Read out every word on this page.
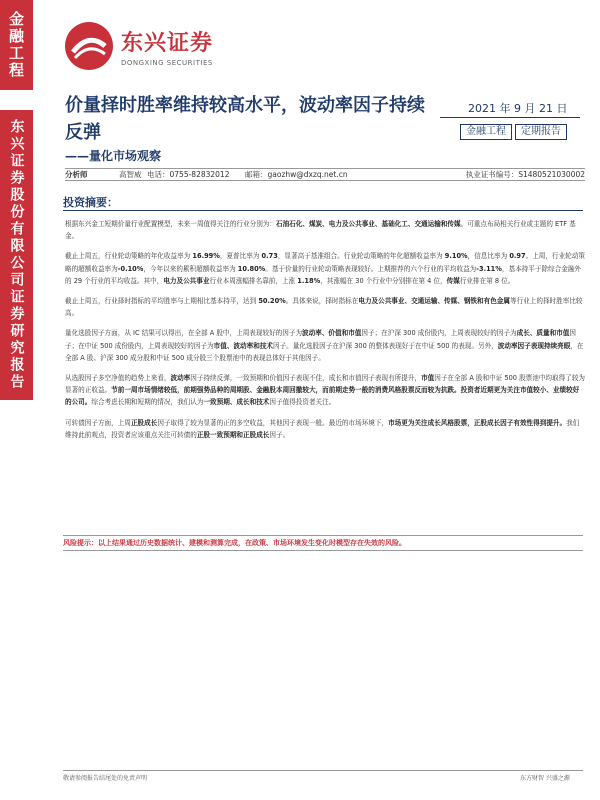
金融工程
东兴证券股份有限公司证券研究报告
东兴证券
DONGXING SECURITIES
价量择时胜率维持较高水平，波动率因子持续反弹
——量化市场观察
2021 年 9 月 21 日
金融工程	定期报告
分析师	高智威 电话：0755-82832012	邮箱：gaozhw@dxzq.net.cn	执业证书编号：S1480521030002
投资摘要：

根据东兴金工短期价量行业配置模型，未来一周值得关注的行业分别为：石油石化、煤炭、电力及公共事业、基础化工、交通运输和传媒。可重点布局相关行业或主题的 ETF 基金。

截止上周五，行业轮动策略的年化收益率为 16.99%，夏普比率为 0.73，显著高于基准组合。行业轮动策略的年化超额收益率为 9.10%，信息比率为 0.97。上周，行业轮动策略的超额收益率为-0.10%，今年以来的累积超额收益率为 10.80%。基于价量的行业轮动策略表现较好。上期推荐的六个行业的平均收益为-3.11%，基本持平于除综合金融外的 29 个行业的平均收益。其中，电力及公共事业行业本周涨幅排名靠前，上涨 1.18%，其涨幅在 30 个行业中分别排在第 4 位，传媒行业排在第 8 位。

截止上周五，行业择时指标的平均胜率与上期相比基本持平，达到 50.20%。具体来说，择时指标在电力及公共事业、交通运输、传媒、钢铁和有色金属等行业上的择时胜率比较高。

量化选股因子方面，从 IC 结果可以得出，在全部 A 股中，上周表现较好的因子为波动率、价值和市值因子；在沪深 300 成份股内，上周表现较好的因子为成长、质量和市值因子；在中证 500 成份股内，上周表现较好的因子为市值、波动率和技术因子。量化选股因子在沪深 300 的整体表现好于在中证 500 的表现。另外，波动率因子表现持续亮眼，在全部 A 股、沪深 300 成分股和中证 500 成分股三个股票池中的表现总体好于其他因子。

从选股因子多空净值的趋势上来看，波动率因子持续反弹，一致预期和价值因子表现不佳，成长和市值因子表现有所提升，市值因子在全部 A 股和中证 500 股票池中均取得了较为显著的正收益。节前一周市场情绪较低，前期强势品种的周期股、金融股本周回撤较大，而前期走势一般的消费风格股票反而较为抗跌。投资者近期更为关注市值较小、业绩较好的公司。综合考虑长期和短期的情况，我们认为一致预期、成长和技术因子值得投资者关注。

可转债因子方面，上周正股成长因子取得了较为显著的正的多空收益，其他因子表现一般。最近的市场环境下，市场更为关注成长风格股票，正股成长因子有效性得到提升。我们维持此前观点，投资者应该重点关注可转债的正股一致预期和正股成长因子。

风险提示：以上结果通过历史数据统计、建模和测算完成，在政策、市场环境发生变化时模型存在失效的风险。
敬请参阅报告结尾处的免责声明	东方财智 兴盛之源
